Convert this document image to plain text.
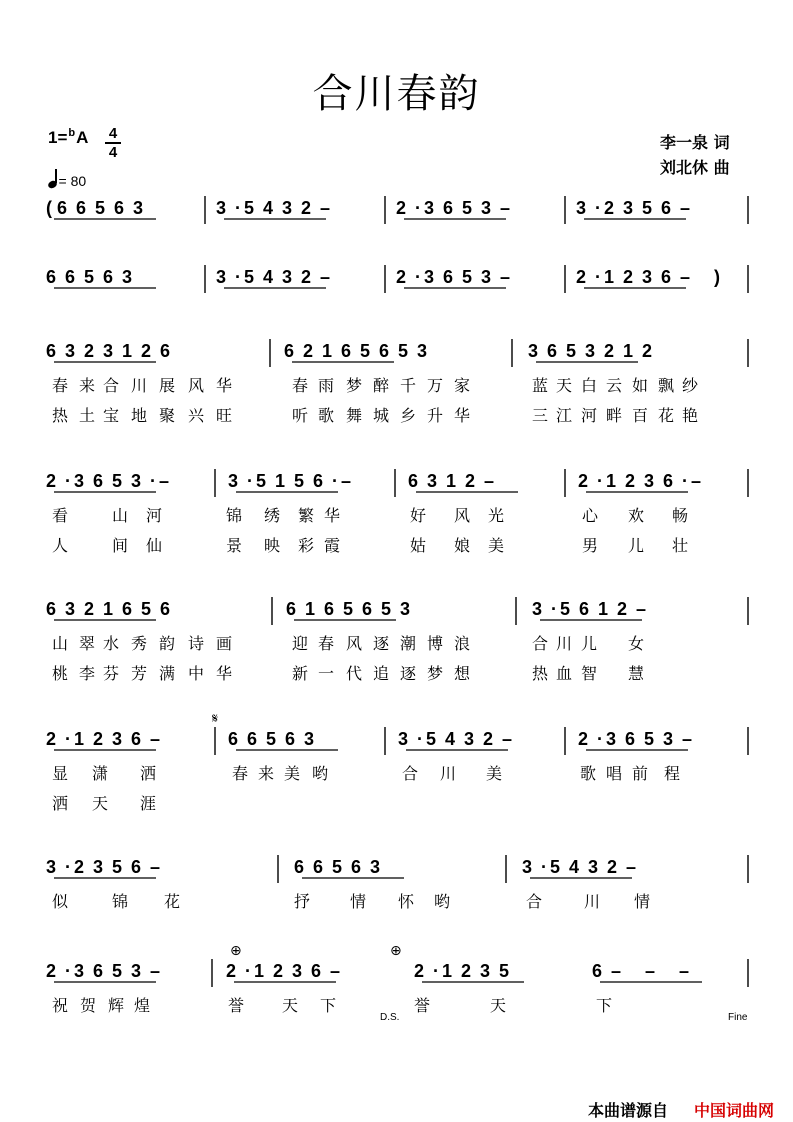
合川春韵
1=$^b$A 4
4
= 80
李一泉 词
刘北休 曲
( 6 6 5 6 3	3 · 5 4 3 2 –	2 · 3 6 5 3 –	3 · 2 3 5 6 –
6 6 5 6 3	3 · 5 4 3 2 –	2 · 3 6 5 3 –	2 · 1 2 3 6 – )
6 3 2 3 1 2 6	6 2 1 6 5 6 5 3	3 6 5 3 2 1 2
春 来 合 川 展 风 华	春 雨 梦 醉 千 万 家	蓝 天 白 云 如 飘 纱
热 土 宝 地 聚 兴 旺	听 歌 舞 城 乡 升 华	三 江 河 畔 百 花 艳
2 · 3 6 5 3 · –	3 · 5 1 5 6 · –	6 3 1 2 –	2 · 1 2 3 6 · –
看	山 河	锦 绣 繁 华	好 风 光	心 欢 畅
人	间 仙	景 映 彩 霞	姑 娘 美	男 儿 壮
6 3 2 1 6 5 6	6 1 6 5 6 5 3	3 · 5 6 1 2 –
山 翠 水 秀 韵 诗 画	迎 春 风 逐 潮 博 浪	合 川 儿 女
桃 李 芬 芳 满 中 华	新 一 代 追 逐 梦 想	热 血 智 慧
2 · 1 2 3 6 –	6 6 5 6 3	3 · 5 4 3 2 –	2 · 3 6 5 3 –
𝄋
显 潇 洒	春 来 美 哟	合 川 美	歌 唱 前 程
洒 天 涯
3 · 2 3 5 6 –	6 6 5 6 3	3 · 5 4 3 2 –
似	锦 花	抒 情 怀 哟	合	川 情
2 · 3 6 5 3 –	2 · 1 2 3 6 –	2 · 1 2 3 5	6 – – –
⊕	⊕
D.S.	Fine
祝 贺 辉 煌	誉 天 下	誉	天	下
本曲谱源自 中国词曲网
